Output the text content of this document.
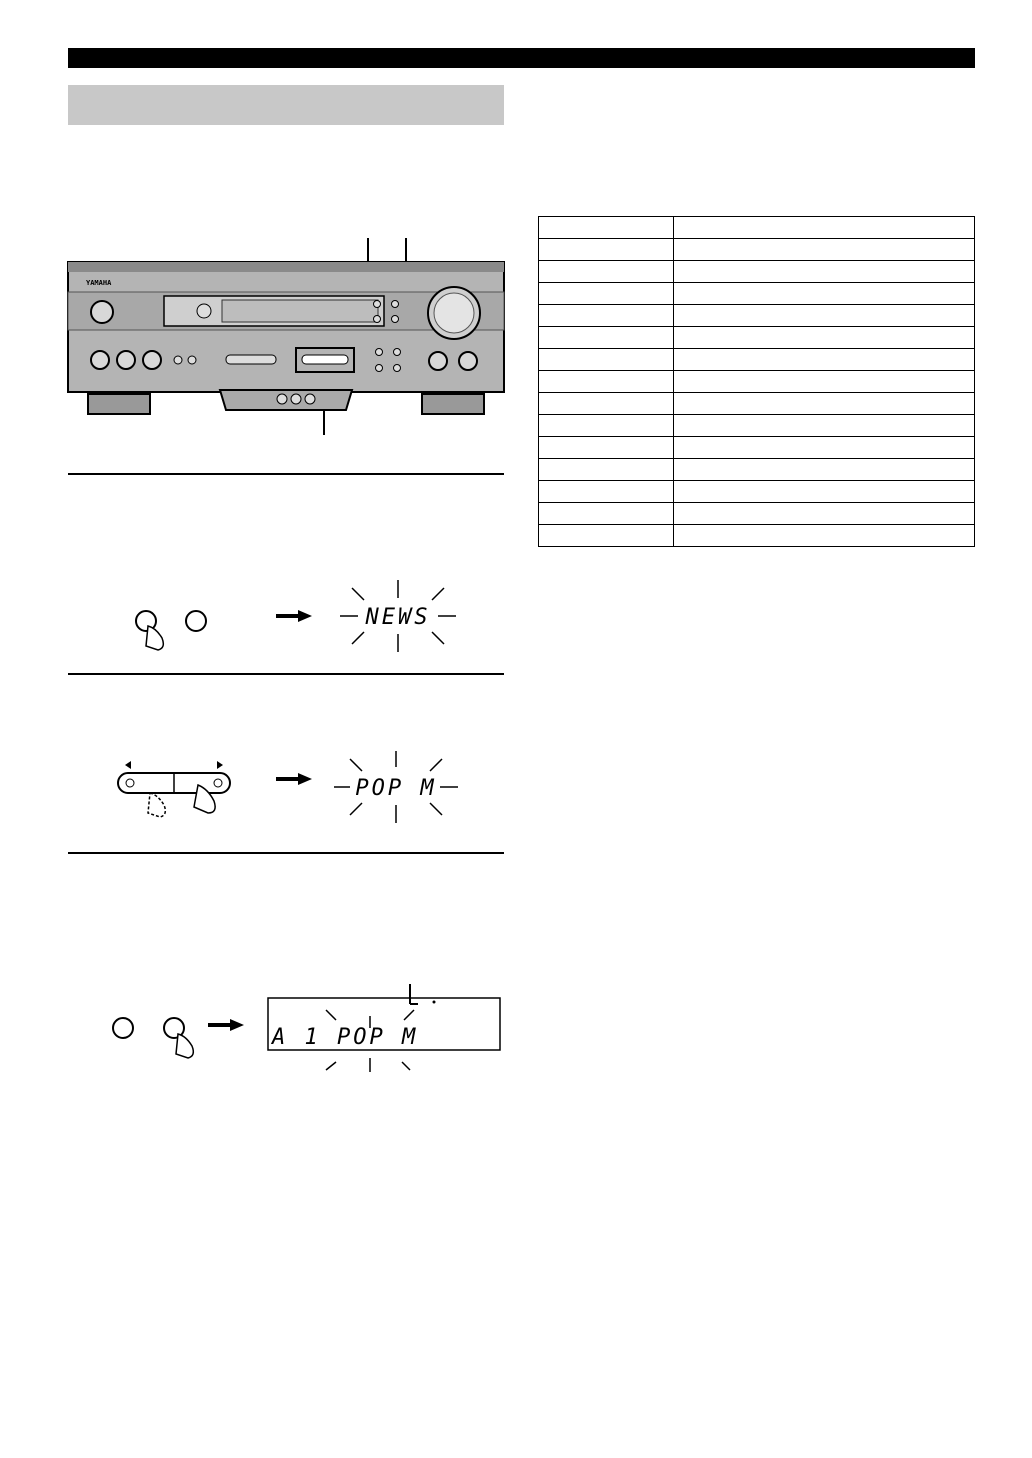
YAMAHA
NEWS
POP M
A 1 POP M
